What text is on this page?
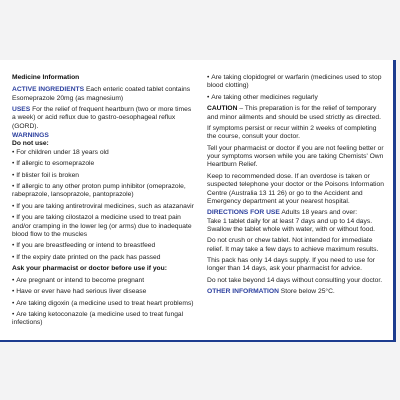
Medicine Information

ACTIVE INGREDIENTS Each enteric coated tablet contains Esomeprazole 20mg (as magnesium)

USES For the relief of frequent heartburn (two or more times a week) or acid reflux due to gastro-oesophageal reflux (GORD).

WARNINGS

Do not use:

• For children under 18 years old

• If allergic to esomeprazole

• If blister foil is broken

• If allergic to any other proton pump inhibitor (omeprazole, rabeprazole, lansoprazole, pantoprazole)

• If you are taking antiretroviral medicines, such as atazanavir

• If you are taking cilostazol a medicine used to treat pain and/or cramping in the lower leg (or arms) due to inadequate blood flow to the muscles

• If you are breastfeeding or intend to breastfeed

• If the expiry date printed on the pack has passed

Ask your pharmacist or doctor before use if you:

• Are pregnant or intend to become pregnant

• Have or ever have had serious liver disease

• Are taking digoxin (a medicine used to treat heart problems)

• Are taking ketoconazole (a medicine used to treat fungal infections)

• Are taking clopidogrel or warfarin (medicines used to stop blood clotting)

• Are taking other medicines regularly

CAUTION – This preparation is for the relief of temporary and minor ailments and should be used strictly as directed.

If symptoms persist or recur within 2 weeks of completing the course, consult your doctor.

Tell your pharmacist or doctor if you are not feeling better or your symptoms worsen while you are taking Chemists' Own Heartburn Relief.

Keep to recommended dose. If an overdose is taken or suspected telephone your doctor or the Poisons Information Centre (Australia 13 11 26) or go to the Accident and Emergency department at your nearest hospital.

DIRECTIONS FOR USE Adults 18 years and over:

Take 1 tablet daily for at least 7 days and up to 14 days.

Swallow the tablet whole with water, with or without food.

Do not crush or chew tablet. Not intended for immediate relief. It may take a few days to achieve maximum results.

This pack has only 14 days supply. If you need to use for longer than 14 days, ask your pharmacist for advice.

Do not take beyond 14 days without consulting your doctor.

OTHER INFORMATION Store below 25°C.
